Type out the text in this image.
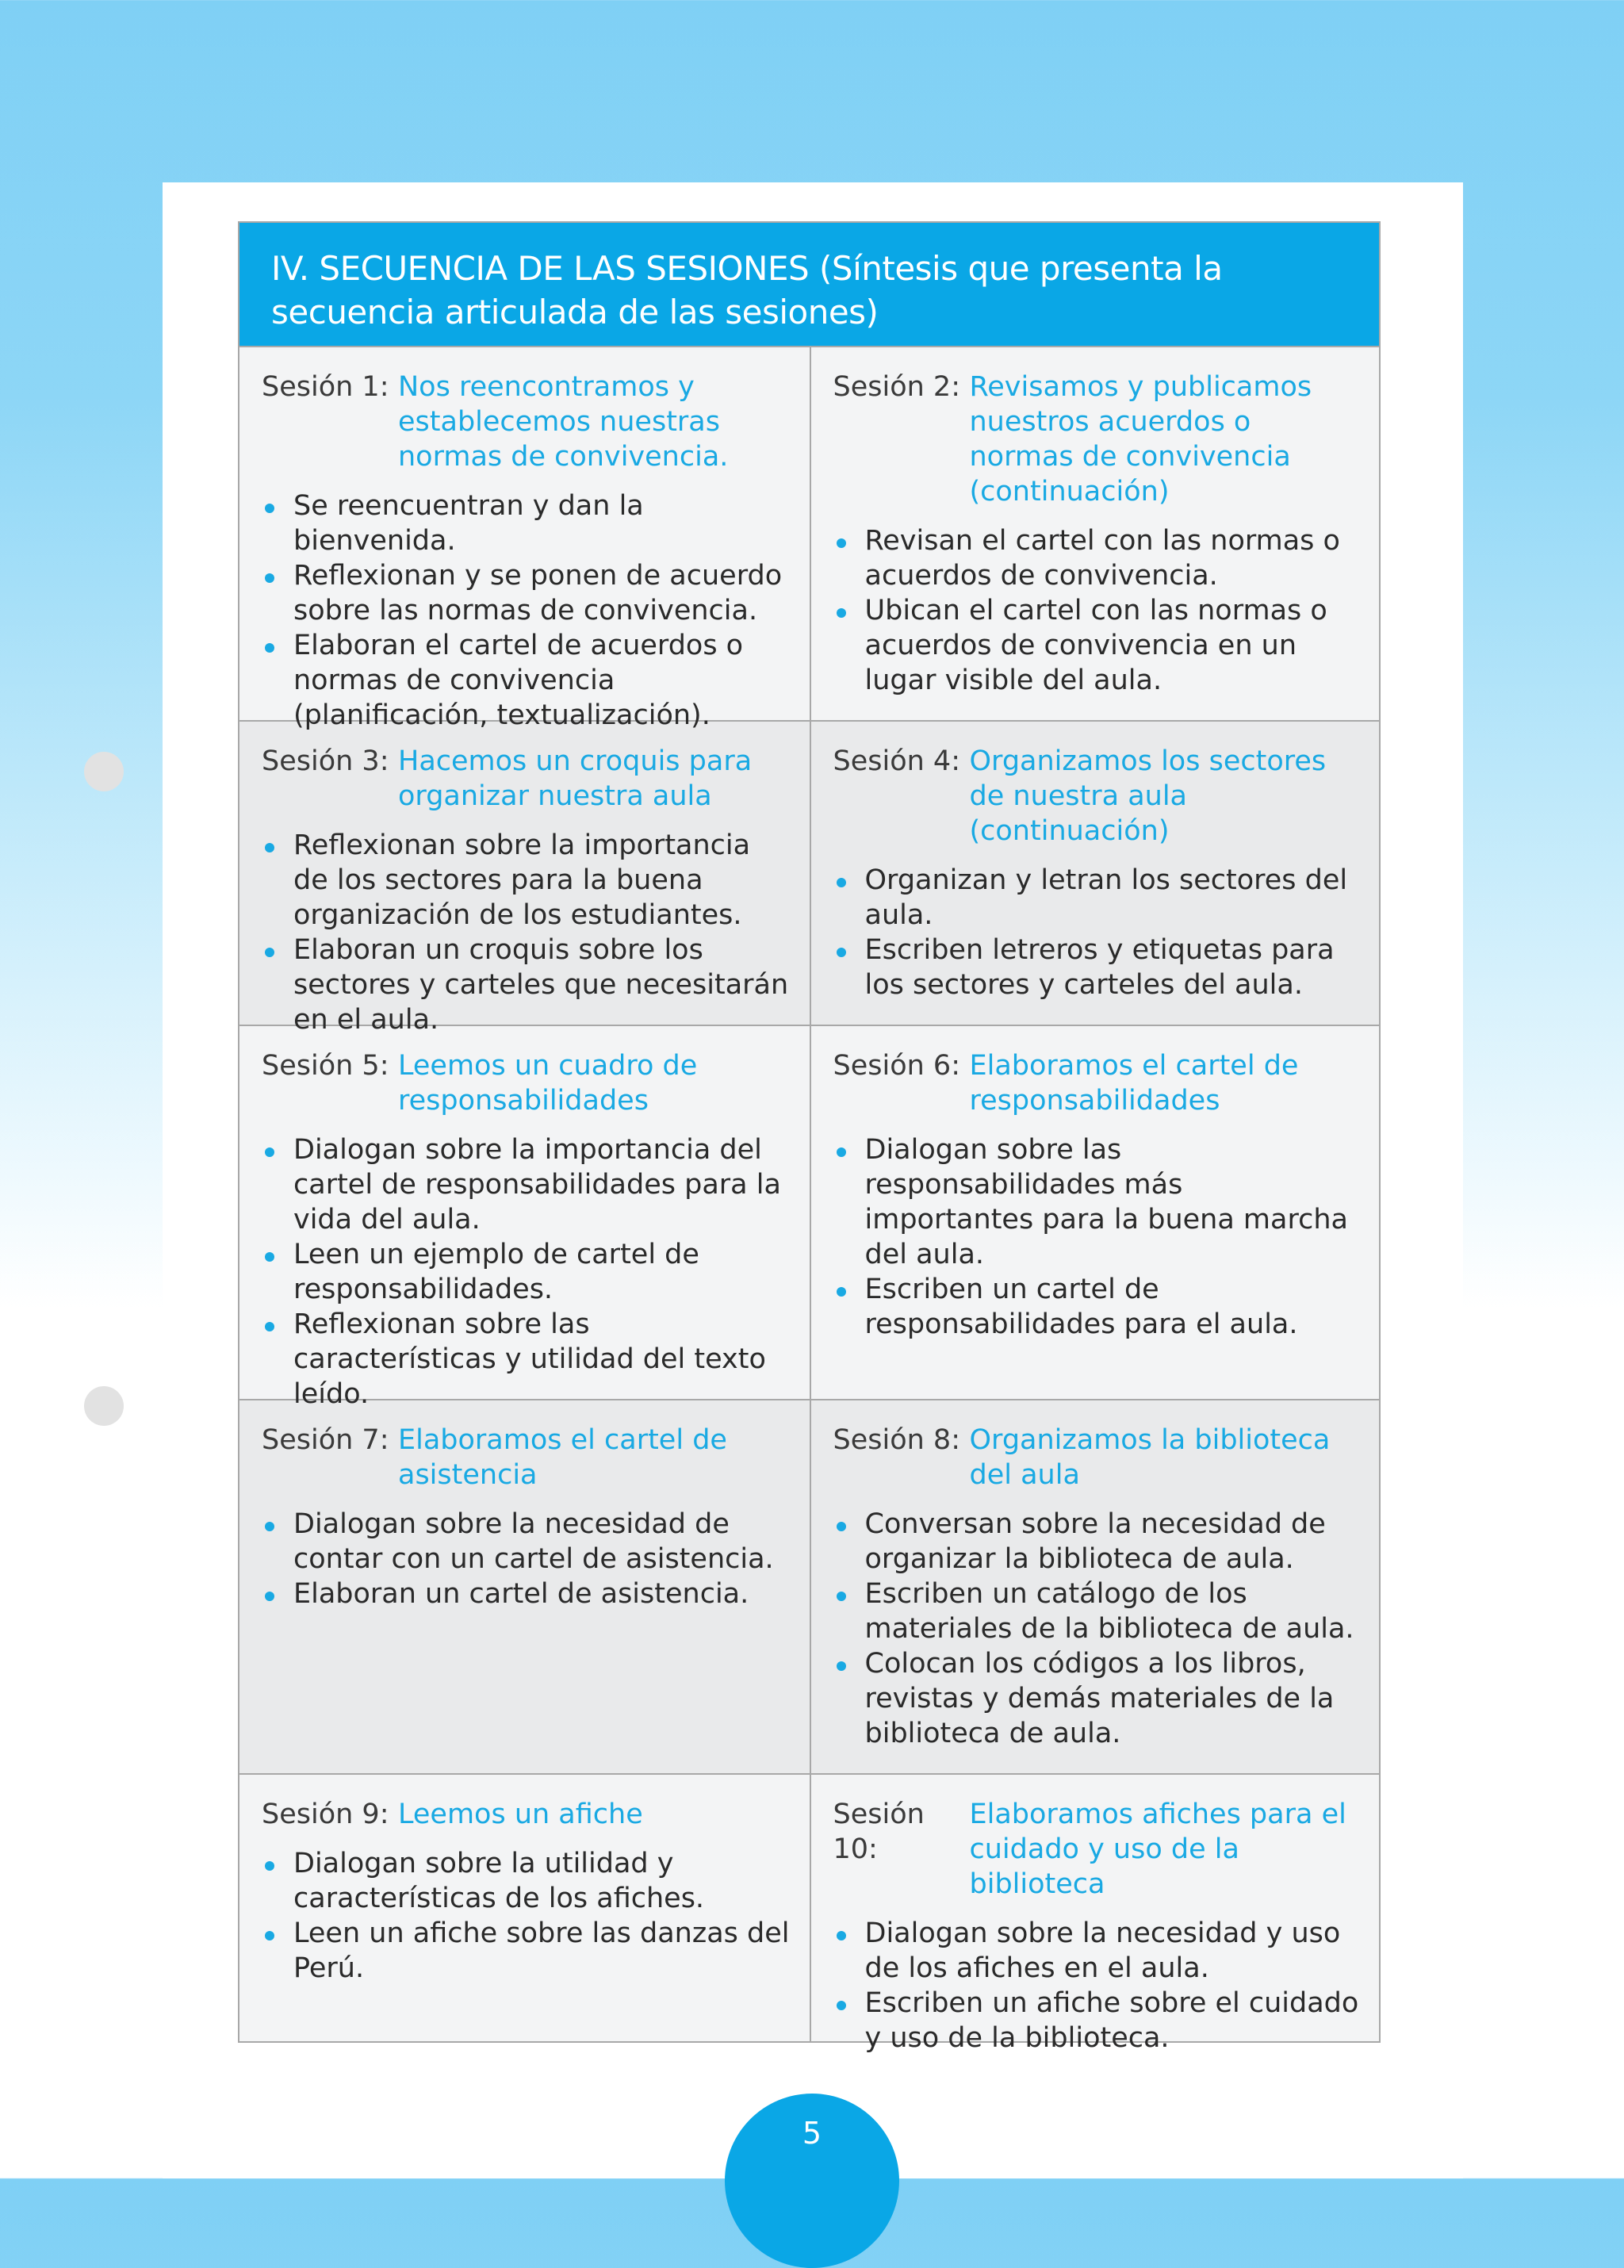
IV. SECUENCIA DE LAS SESIONES (Síntesis que presenta la secuencia articulada de las sesiones)
Sesión 1: Nos reencontramos y establecemos nuestras normas de convivencia.
Se reencuentran y dan la bienvenida.
Reflexionan y se ponen de acuerdo sobre las normas de convivencia.
Elaboran el cartel de acuerdos o normas de convivencia (planificación, textualización).
Sesión 2: Revisamos y publicamos nuestros acuerdos o normas de convivencia (continuación)
Revisan el cartel con las normas o acuerdos de convivencia.
Ubican el cartel con las normas o acuerdos de convivencia en un lugar visible del aula.
Sesión 3: Hacemos un croquis para organizar nuestra aula
Reflexionan sobre la importancia de los sectores para la buena organización de los estudiantes.
Elaboran un croquis sobre los sectores y carteles que necesitarán en el aula.
Sesión 4: Organizamos los sectores de nuestra aula (continuación)
Organizan y letran los sectores del aula.
Escriben letreros y etiquetas para los sectores y carteles del aula.
Sesión 5: Leemos un cuadro de responsabilidades
Dialogan sobre la importancia del cartel de responsabilidades para la vida del aula.
Leen un ejemplo de cartel de responsabilidades.
Reflexionan sobre las características y utilidad del texto leído.
Sesión 6: Elaboramos el cartel de responsabilidades
Dialogan sobre las responsabilidades más importantes para la buena marcha del aula.
Escriben un cartel de responsabilidades para el aula.
Sesión 7: Elaboramos el cartel de asistencia
Dialogan sobre la necesidad de contar con un cartel de asistencia.
Elaboran un cartel de asistencia.
Sesión 8: Organizamos la biblioteca del aula
Conversan sobre la necesidad de organizar la biblioteca de aula.
Escriben un catálogo de los materiales de la biblioteca de aula.
Colocan los códigos a los libros, revistas y demás materiales de la biblioteca de aula.
Sesión 9: Leemos un afiche
Dialogan sobre la utilidad y características de los afiches.
Leen un afiche sobre las danzas del Perú.
Sesión 10:
Elaboramos afiches para el cuidado y uso de la biblioteca
Dialogan sobre la necesidad y uso de los afiches en el aula.
Escriben un afiche sobre el cuidado y uso de la biblioteca.
5
